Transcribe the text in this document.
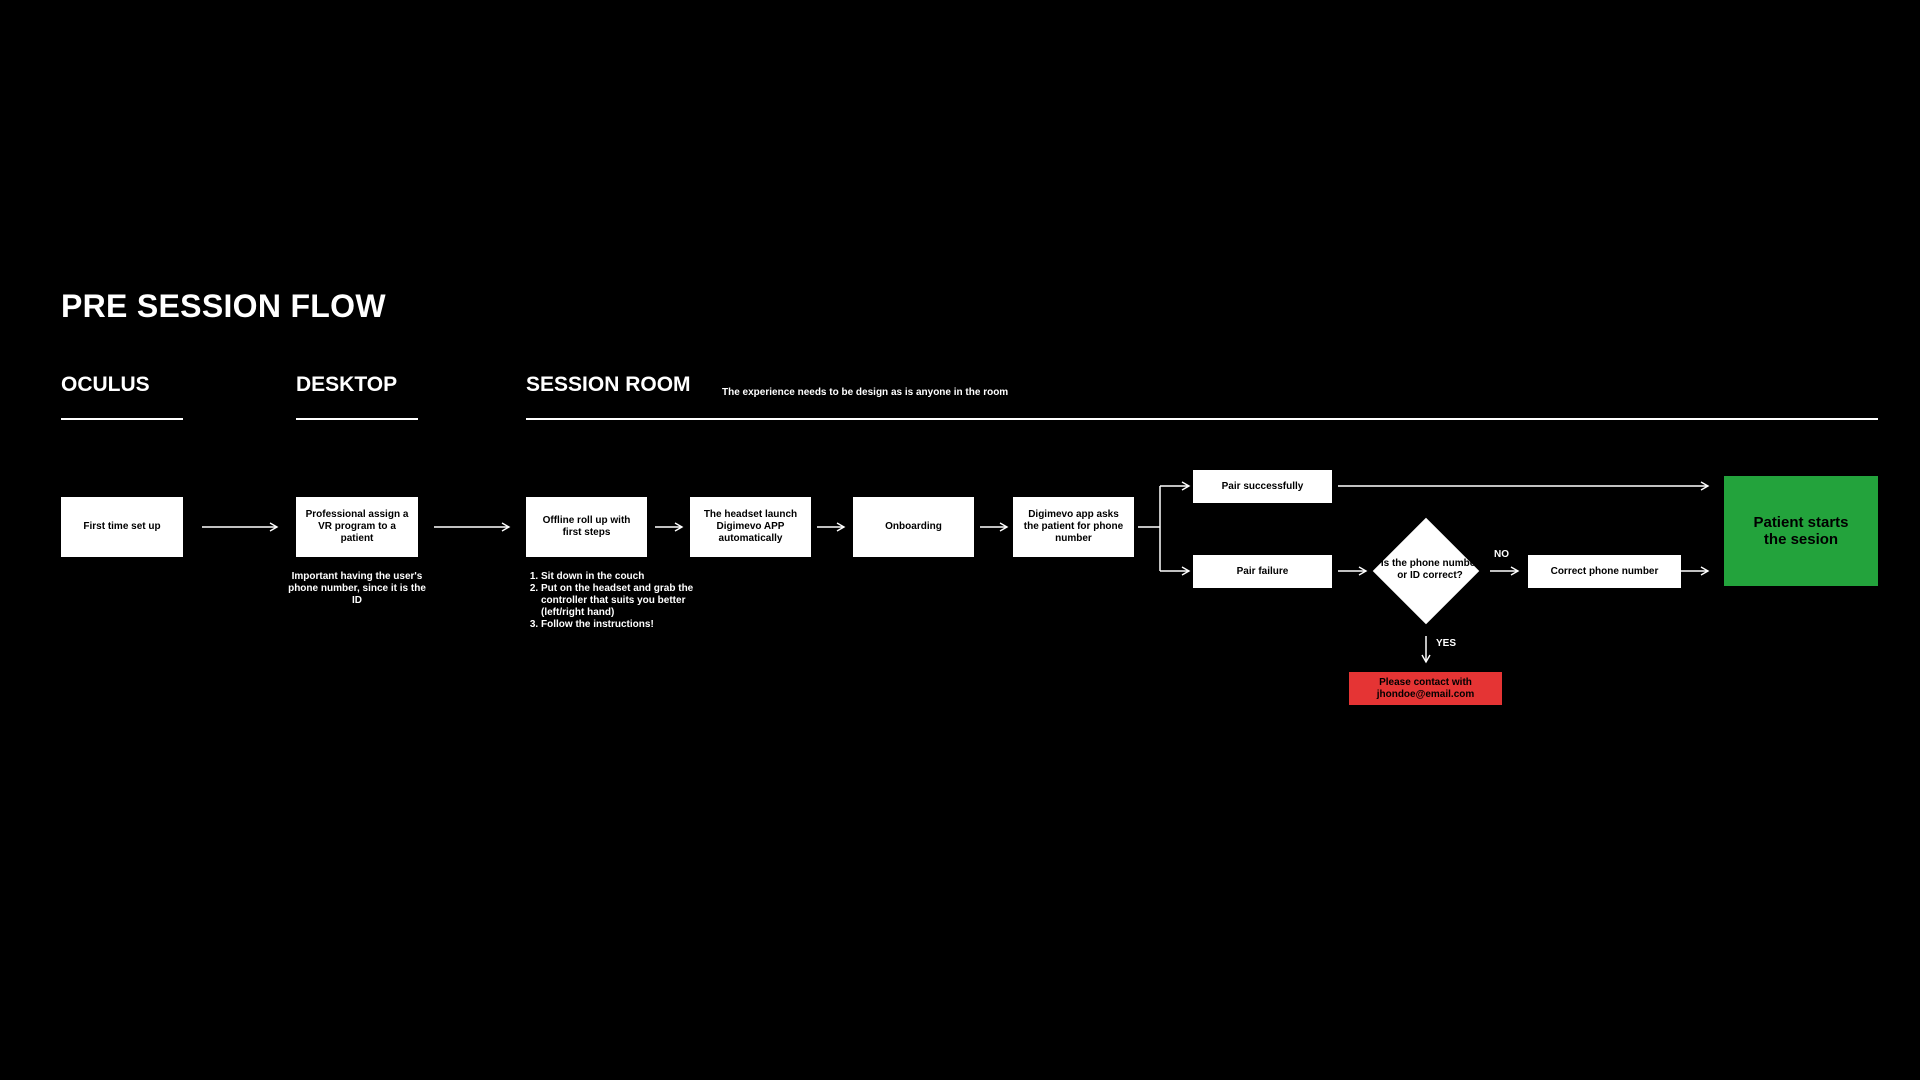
PRE SESSION FLOW
OCULUS	DESKTOP	SESSION ROOM	The experience needs to be design as is anyone in the room
First time set up
Professional assign a VR program to a patient
Important having the user's phone number, since it is the ID
Offline roll up with first steps
1. Sit down in the couch
2. Put on the headset and grab the controller that suits you better (left/right hand)
3. Follow the instructions!
The headset launch Digimevo APP automatically
Onboarding
Digimevo app asks the patient for phone number
Pair successfully
Pair failure
Is the phone number or ID correct?
NO
YES
Correct phone number
Patient starts the sesion
Please contact with jhondoe@email.com
